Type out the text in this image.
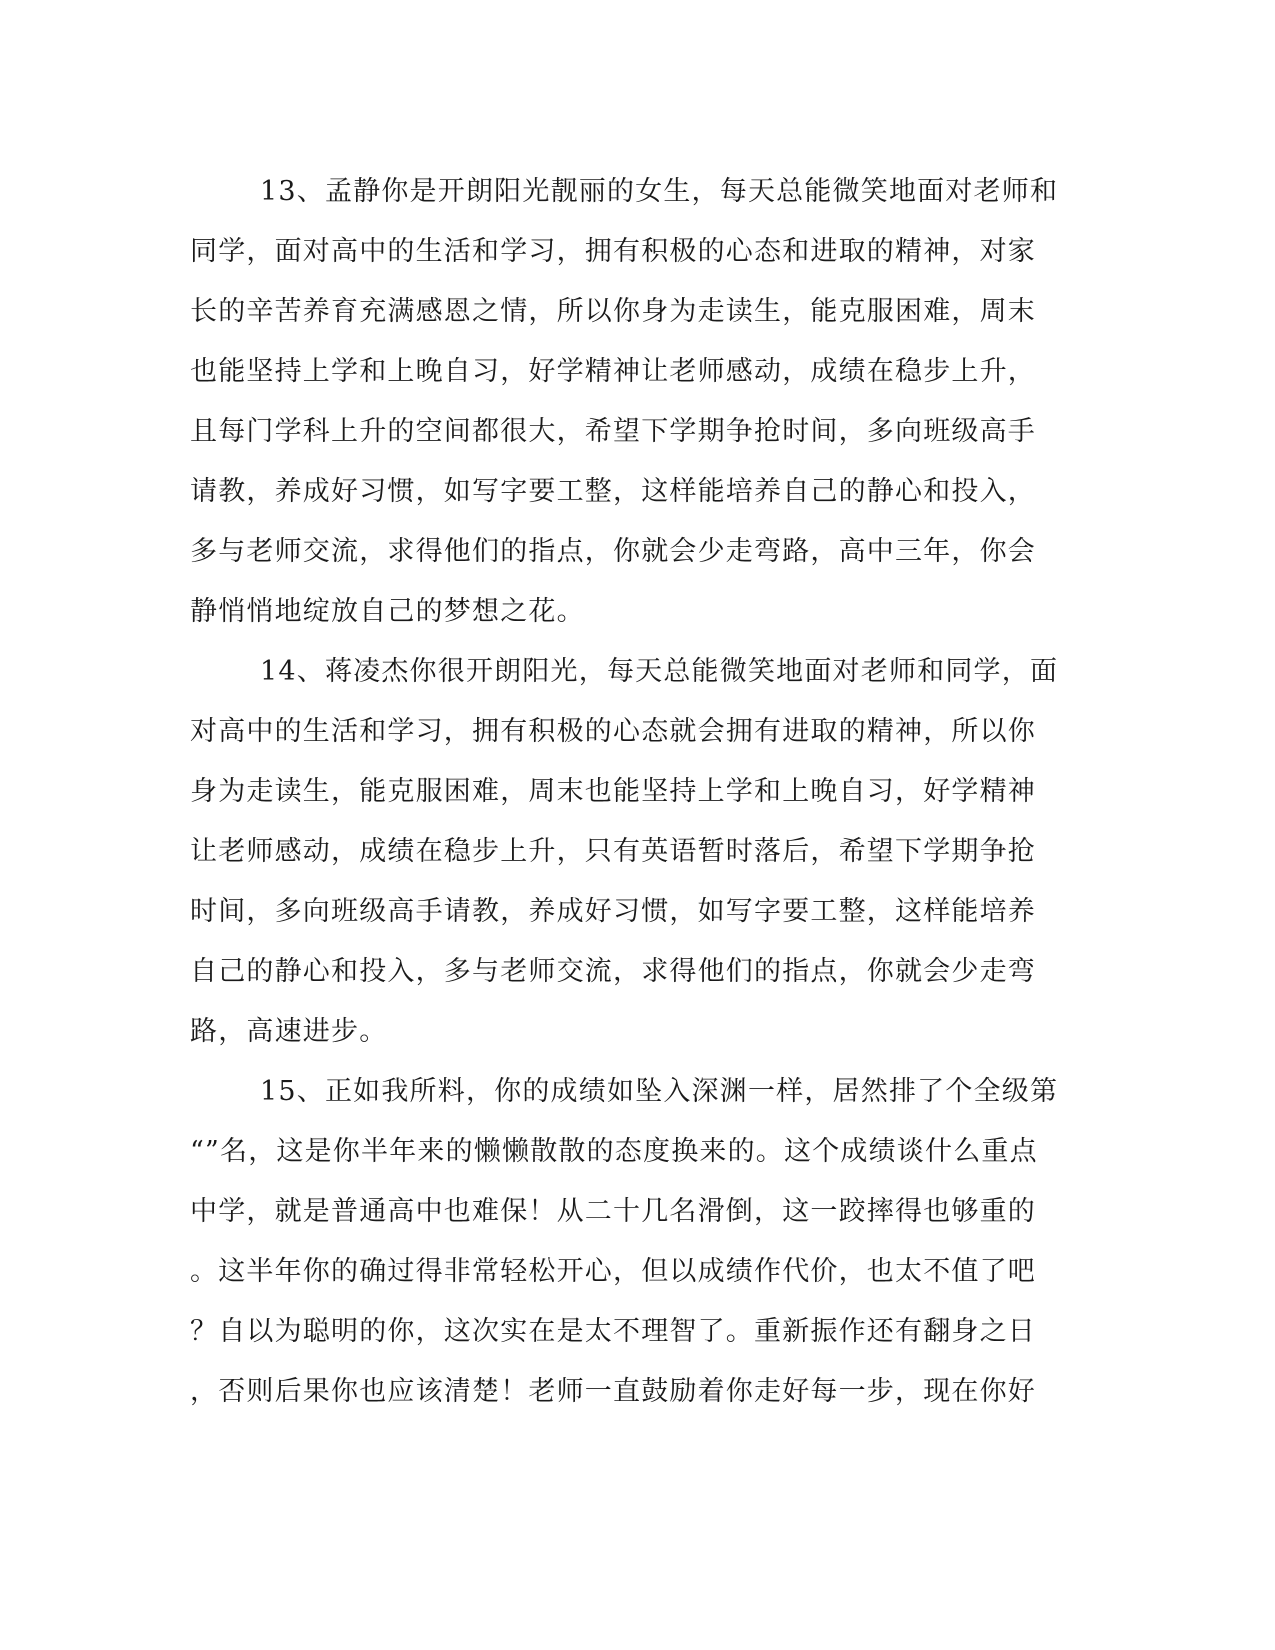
13、孟静你是开朗阳光靓丽的女生，每天总能微笑地面对老师和
同学，面对高中的生活和学习，拥有积极的心态和进取的精神，对家
长的辛苦养育充满感恩之情，所以你身为走读生，能克服困难，周末
也能坚持上学和上晚自习，好学精神让老师感动，成绩在稳步上升，
且每门学科上升的空间都很大，希望下学期争抢时间，多向班级高手
请教，养成好习惯，如写字要工整，这样能培养自己的静心和投入，
多与老师交流，求得他们的指点，你就会少走弯路，高中三年，你会
静悄悄地绽放自己的梦想之花。
14、蒋凌杰你很开朗阳光，每天总能微笑地面对老师和同学，面
对高中的生活和学习，拥有积极的心态就会拥有进取的精神，所以你
身为走读生，能克服困难，周末也能坚持上学和上晚自习，好学精神
让老师感动，成绩在稳步上升，只有英语暂时落后，希望下学期争抢
时间，多向班级高手请教，养成好习惯，如写字要工整，这样能培养
自己的静心和投入，多与老师交流，求得他们的指点，你就会少走弯
路，高速进步。
15、正如我所料，你的成绩如坠入深渊一样，居然排了个全级第
“”名，这是你半年来的懒懒散散的态度换来的。这个成绩谈什么重点
中学，就是普通高中也难保！从二十几名滑倒，这一跤摔得也够重的
。这半年你的确过得非常轻松开心，但以成绩作代价，也太不值了吧
？自以为聪明的你，这次实在是太不理智了。重新振作还有翻身之日
，否则后果你也应该清楚！老师一直鼓励着你走好每一步，现在你好
